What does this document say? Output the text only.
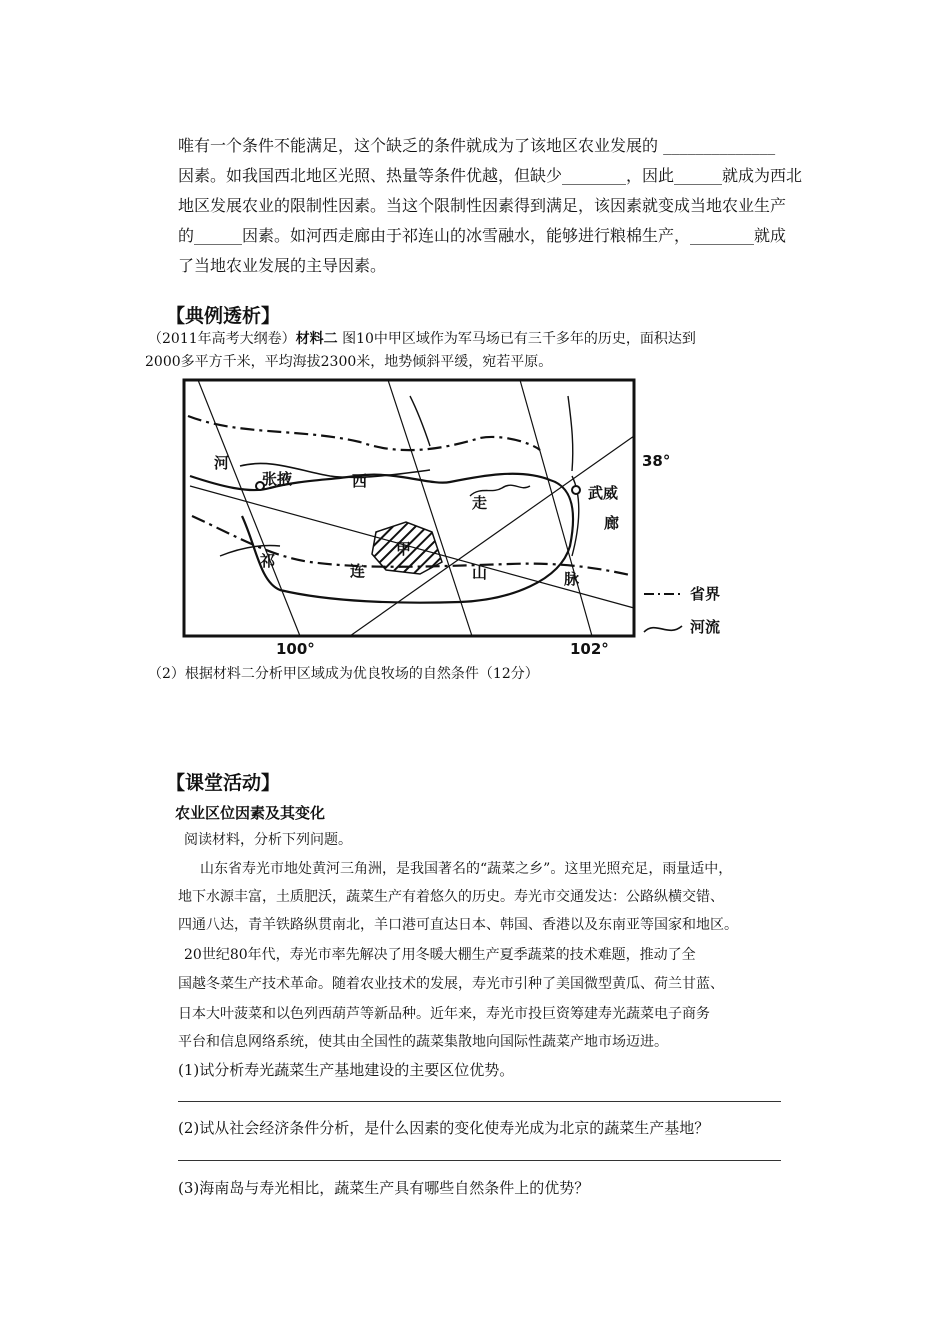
唯有一个条件不能满足，这个缺乏的条件就成为了该地区农业发展的 ______________
因素。如我国西北地区光照、热量等条件优越，但缺少________，因此______就成为西北
地区发展农业的限制性因素。当这个限制性因素得到满足，该因素就变成当地农业生产
的______因素。如河西走廊由于祁连山的冰雪融水，能够进行粮棉生产，________就成
了当地农业发展的主导因素。
【典例透析】
（2011年高考大纲卷）材料二 图10中甲区域作为军马场已有三千多年的历史，面积达到
2000多平方千米，平均海拔2300米，地势倾斜平缓，宛若平原。
甲
张掖
武威
河
西
走
廊
祁
连	山	脉
38°
100°	102°
省界
河流
（2）根据材料二分析甲区域成为优良牧场的自然条件（12分）
【课堂活动】
农业区位因素及其变化
阅读材料，分析下列问题。
山东省寿光市地处黄河三角洲，是我国著名的“蔬菜之乡”。这里光照充足，雨量适中，
地下水源丰富，土质肥沃，蔬菜生产有着悠久的历史。寿光市交通发达：公路纵横交错、
四通八达，青羊铁路纵贯南北，羊口港可直达日本、韩国、香港以及东南亚等国家和地区。
20世纪80年代，寿光市率先解决了用冬暖大棚生产夏季蔬菜的技术难题，推动了全
国越冬菜生产技术革命。随着农业技术的发展，寿光市引种了美国微型黄瓜、荷兰甘蓝、
日本大叶菠菜和以色列西葫芦等新品种。近年来，寿光市投巨资筹建寿光蔬菜电子商务
平台和信息网络系统，使其由全国性的蔬菜集散地向国际性蔬菜产地市场迈进。
(1)试分析寿光蔬菜生产基地建设的主要区位优势。
(2)试从社会经济条件分析，是什么因素的变化使寿光成为北京的蔬菜生产基地？
(3)海南岛与寿光相比，蔬菜生产具有哪些自然条件上的优势？
